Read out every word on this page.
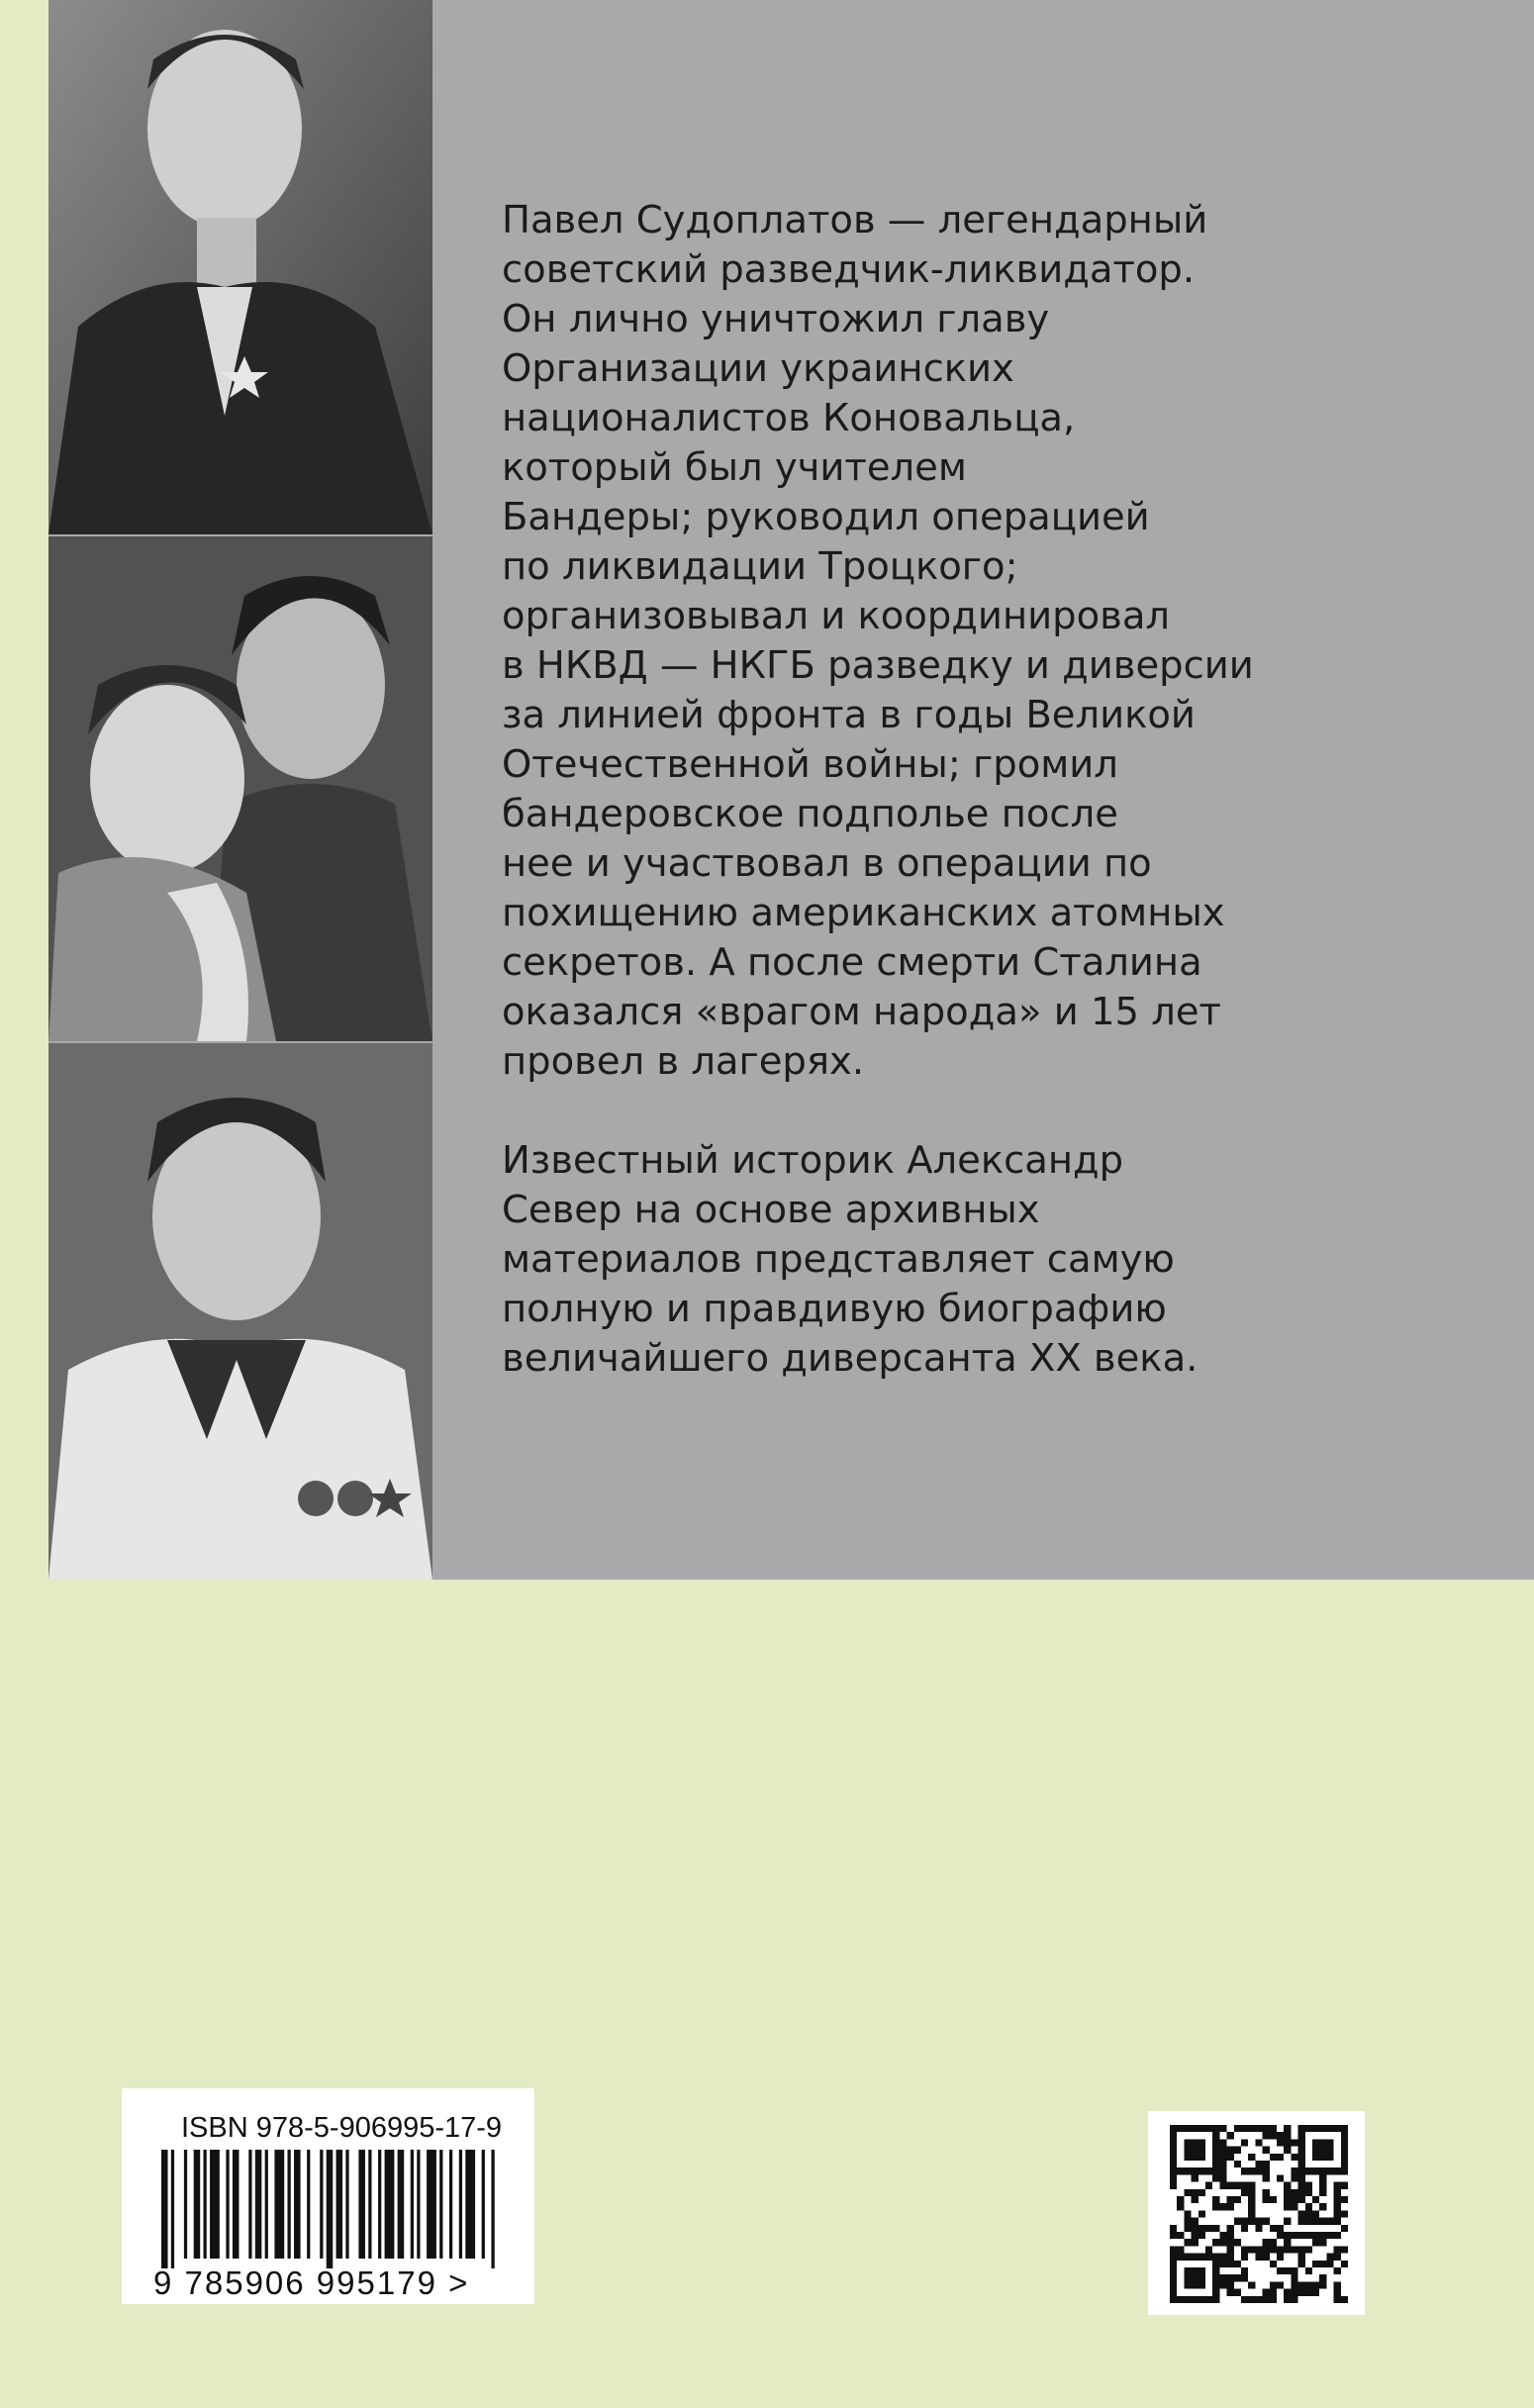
Павел Судоплатов — легендарный
советский разведчик-ликвидатор.
Он лично уничтожил главу
Организации украинских
националистов Коновальца,
который был учителем
Бандеры; руководил операцией
по ликвидации Троцкого;
организовывал и координировал
в НКВД — НКГБ разведку и диверсии
за линией фронта в годы Великой
Отечественной войны; громил
бандеровское подполье после
нее и участвовал в операции по
похищению американских атомных
секретов. А после смерти Сталина
оказался «врагом народа» и 15 лет
провел в лагерях.

Известный историк Александр
Север на основе архивных
материалов представляет самую
полную и правдивую биографию
величайшего диверсанта XX века.

ISBN 978-5-906995-17-9
9 785906 995179 >
